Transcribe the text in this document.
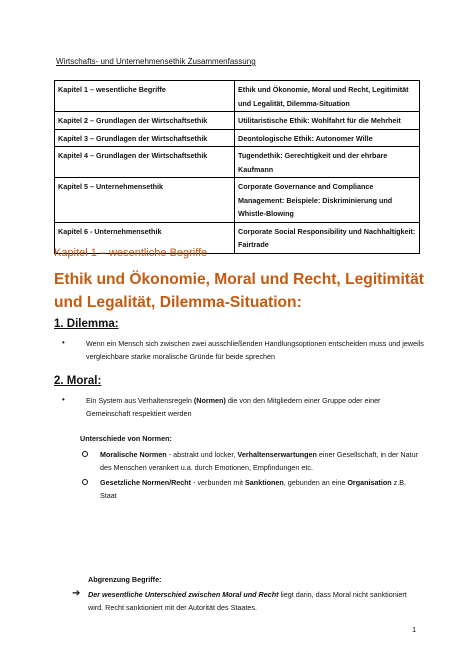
Wirtschafts- und Unternehmensethik Zusammenfassung
Kapitel 1 – wesentliche Begriffe	Ethik und Ökonomie, Moral und Recht, Legitimität und Legalität, Dilemma-Situation
Kapitel 2 – Grundlagen der Wirtschaftsethik	Utilitaristische Ethik: Wohlfahrt für die Mehrheit
Kapitel 3 – Grundlagen der Wirtschaftsethik	Deontologische Ethik: Autonomer Wille
Kapitel 4 – Grundlagen der Wirtschaftsethik	Tugendethik: Gerechtigkeit und der ehrbare Kaufmann
Kapitel 5 – Unternehmensethik	Corporate Governance and Compliance Management: Beispiele: Diskriminierung und Whistle-Blowing
Kapitel 6 - Unternehmensethik	Corporate Social Responsibility und Nachhaltigkeit: Fairtrade
Kapitel 1 – wesentliche Begriffe
Ethik und Ökonomie, Moral und Recht, Legitimität und Legalität, Dilemma-Situation:
1. Dilemma:
•	Wenn ein Mensch sich zwischen zwei ausschließenden Handlungsoptionen entscheiden muss und jeweils vergleichbare starke moralische Gründe für beide sprechen
2. Moral:
•	Ein System aus Verhaltensregeln (Normen) die von den Mitgliedern einer Gruppe oder einer Gemeinschaft respektiert werden
Unterschiede von Normen:
Moralische Normen - abstrakt und locker, Verhaltenserwartungen einer Gesellschaft, in der Natur des Menschen verankert u.a. durch Emotionen, Empfindungen etc.
Gesetzliche Normen/Recht - verbunden mit Sanktionen, gebunden an eine Organisation z.B. Staat
Abgrenzung Begriffe:
➔ Der wesentliche Unterschied zwischen Moral und Recht liegt darin, dass Moral nicht sanktioniert wird. Recht sanktioniert mit der Autorität des Staates.
1
